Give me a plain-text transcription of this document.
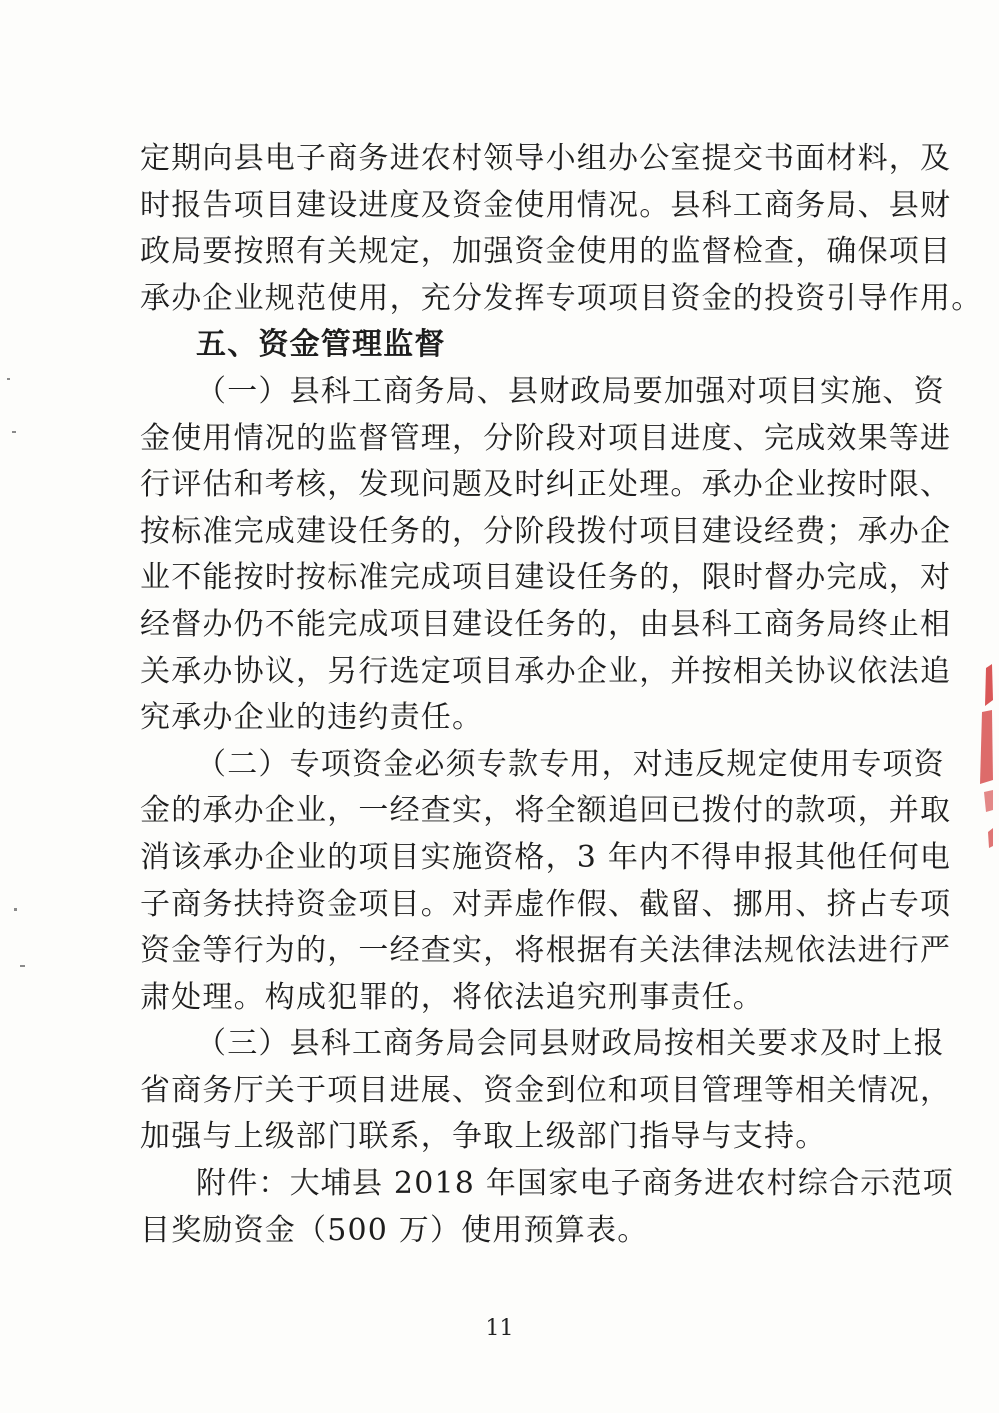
定期向县电子商务进农村领导小组办公室提交书面材料，及
时报告项目建设进度及资金使用情况。县科工商务局、县财
政局要按照有关规定，加强资金使用的监督检查，确保项目
承办企业规范使用，充分发挥专项项目资金的投资引导作用。
五、资金管理监督
（一）县科工商务局、县财政局要加强对项目实施、资
金使用情况的监督管理，分阶段对项目进度、完成效果等进
行评估和考核，发现问题及时纠正处理。承办企业按时限、
按标准完成建设任务的，分阶段拨付项目建设经费；承办企
业不能按时按标准完成项目建设任务的，限时督办完成，对
经督办仍不能完成项目建设任务的，由县科工商务局终止相
关承办协议，另行选定项目承办企业，并按相关协议依法追
究承办企业的违约责任。
（二）专项资金必须专款专用，对违反规定使用专项资
金的承办企业，一经查实，将全额追回已拨付的款项，并取
消该承办企业的项目实施资格，3 年内不得申报其他任何电
子商务扶持资金项目。对弄虚作假、截留、挪用、挤占专项
资金等行为的，一经查实，将根据有关法律法规依法进行严
肃处理。构成犯罪的，将依法追究刑事责任。
（三）县科工商务局会同县财政局按相关要求及时上报
省商务厅关于项目进展、资金到位和项目管理等相关情况，
加强与上级部门联系，争取上级部门指导与支持。
附件：大埔县 2018 年国家电子商务进农村综合示范项
目奖励资金（500 万）使用预算表。
11
